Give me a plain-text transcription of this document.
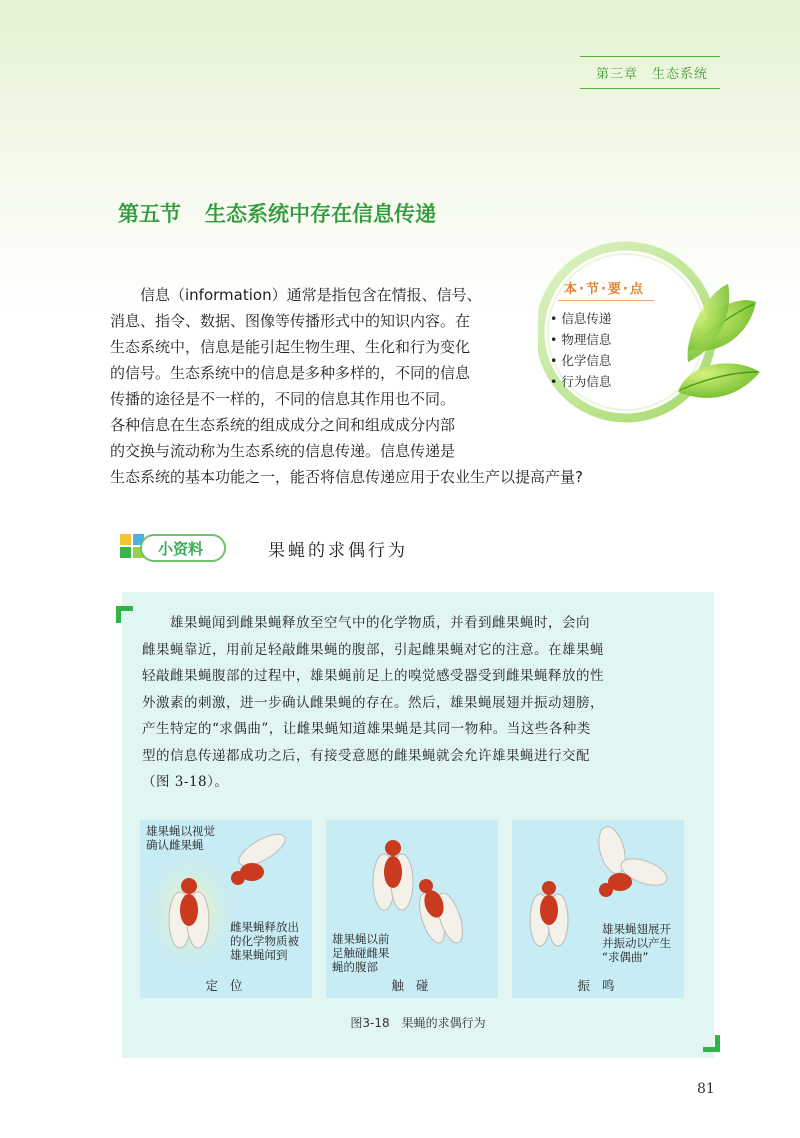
第三章　生态系统
第五节 生态系统中存在信息传递
　　信息（information）通常是指包含在情报、信号、
消息、指令、数据、图像等传播形式中的知识内容。在
生态系统中，信息是能引起生物生理、生化和行为变化
的信号。生态系统中的信息是多种多样的，不同的信息
传播的途径是不一样的，不同的信息其作用也不同。
各种信息在生态系统的组成成分之间和组成成分内部
的交换与流动称为生态系统的信息传递。信息传递是
生态系统的基本功能之一，能否将信息传递应用于农业生产以提高产量?
本·节·要·点
• 信息传递
• 物理信息
• 化学信息
• 行为信息
小资料	果蝇的求偶行为
　　雄果蝇闻到雌果蝇释放至空气中的化学物质，并看到雌果蝇时，会向
雌果蝇靠近，用前足轻敲雌果蝇的腹部，引起雌果蝇对它的注意。在雄果蝇
轻敲雌果蝇腹部的过程中，雄果蝇前足上的嗅觉感受器受到雌果蝇释放的性
外激素的刺激，进一步确认雌果蝇的存在。然后，雄果蝇展翅并振动翅膀，
产生特定的“求偶曲”，让雌果蝇知道雄果蝇是其同一物种。当这些各种类
型的信息传递都成功之后，有接受意愿的雌果蝇就会允许雄果蝇进行交配
（图 3-18）。
雄果蝇以视觉
确认雌果蝇
雌果蝇释放出
的化学物质被
雄果蝇闻到
定 位
雄果蝇以前
足触碰雌果
蝇的腹部
触 碰
雄果蝇翅展开
并振动以产生
“求偶曲”
振 鸣
图3-18　果蝇的求偶行为
81
